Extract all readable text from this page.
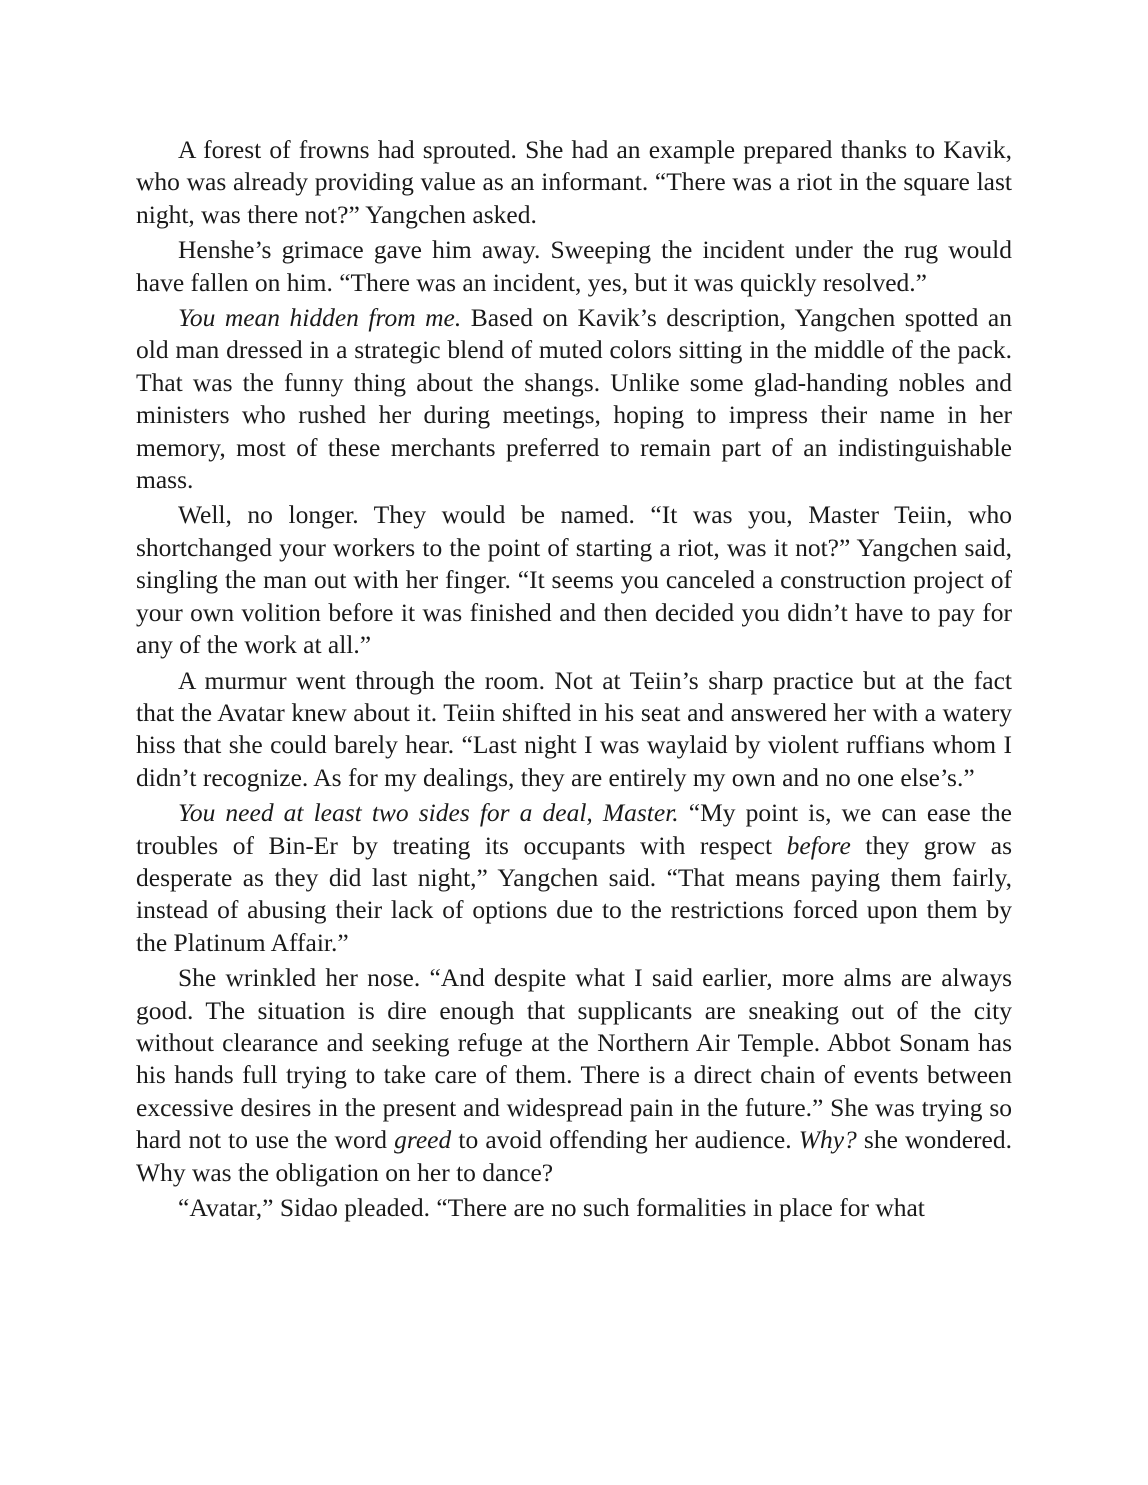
A forest of frowns had sprouted. She had an example prepared thanks to Kavik, who was already providing value as an informant. “There was a riot in the square last night, was there not?” Yangchen asked.

Henshe’s grimace gave him away. Sweeping the incident under the rug would have fallen on him. “There was an incident, yes, but it was quickly resolved.”

You mean hidden from me. Based on Kavik’s description, Yangchen spotted an old man dressed in a strategic blend of muted colors sitting in the middle of the pack. That was the funny thing about the shangs. Unlike some glad-handing nobles and ministers who rushed her during meetings, hoping to impress their name in her memory, most of these merchants preferred to remain part of an indistinguishable mass.

Well, no longer. They would be named. “It was you, Master Teiin, who shortchanged your workers to the point of starting a riot, was it not?” Yangchen said, singling the man out with her finger. “It seems you canceled a construction project of your own volition before it was finished and then decided you didn’t have to pay for any of the work at all.”

A murmur went through the room. Not at Teiin’s sharp practice but at the fact that the Avatar knew about it. Teiin shifted in his seat and answered her with a watery hiss that she could barely hear. “Last night I was waylaid by violent ruffians whom I didn’t recognize. As for my dealings, they are entirely my own and no one else’s.”

You need at least two sides for a deal, Master. “My point is, we can ease the troubles of Bin-Er by treating its occupants with respect before they grow as desperate as they did last night,” Yangchen said. “That means paying them fairly, instead of abusing their lack of options due to the restrictions forced upon them by the Platinum Affair.”

She wrinkled her nose. “And despite what I said earlier, more alms are always good. The situation is dire enough that supplicants are sneaking out of the city without clearance and seeking refuge at the Northern Air Temple. Abbot Sonam has his hands full trying to take care of them. There is a direct chain of events between excessive desires in the present and widespread pain in the future.” She was trying so hard not to use the word greed to avoid offending her audience. Why? she wondered. Why was the obligation on her to dance?

“Avatar,” Sidao pleaded. “There are no such formalities in place for what
